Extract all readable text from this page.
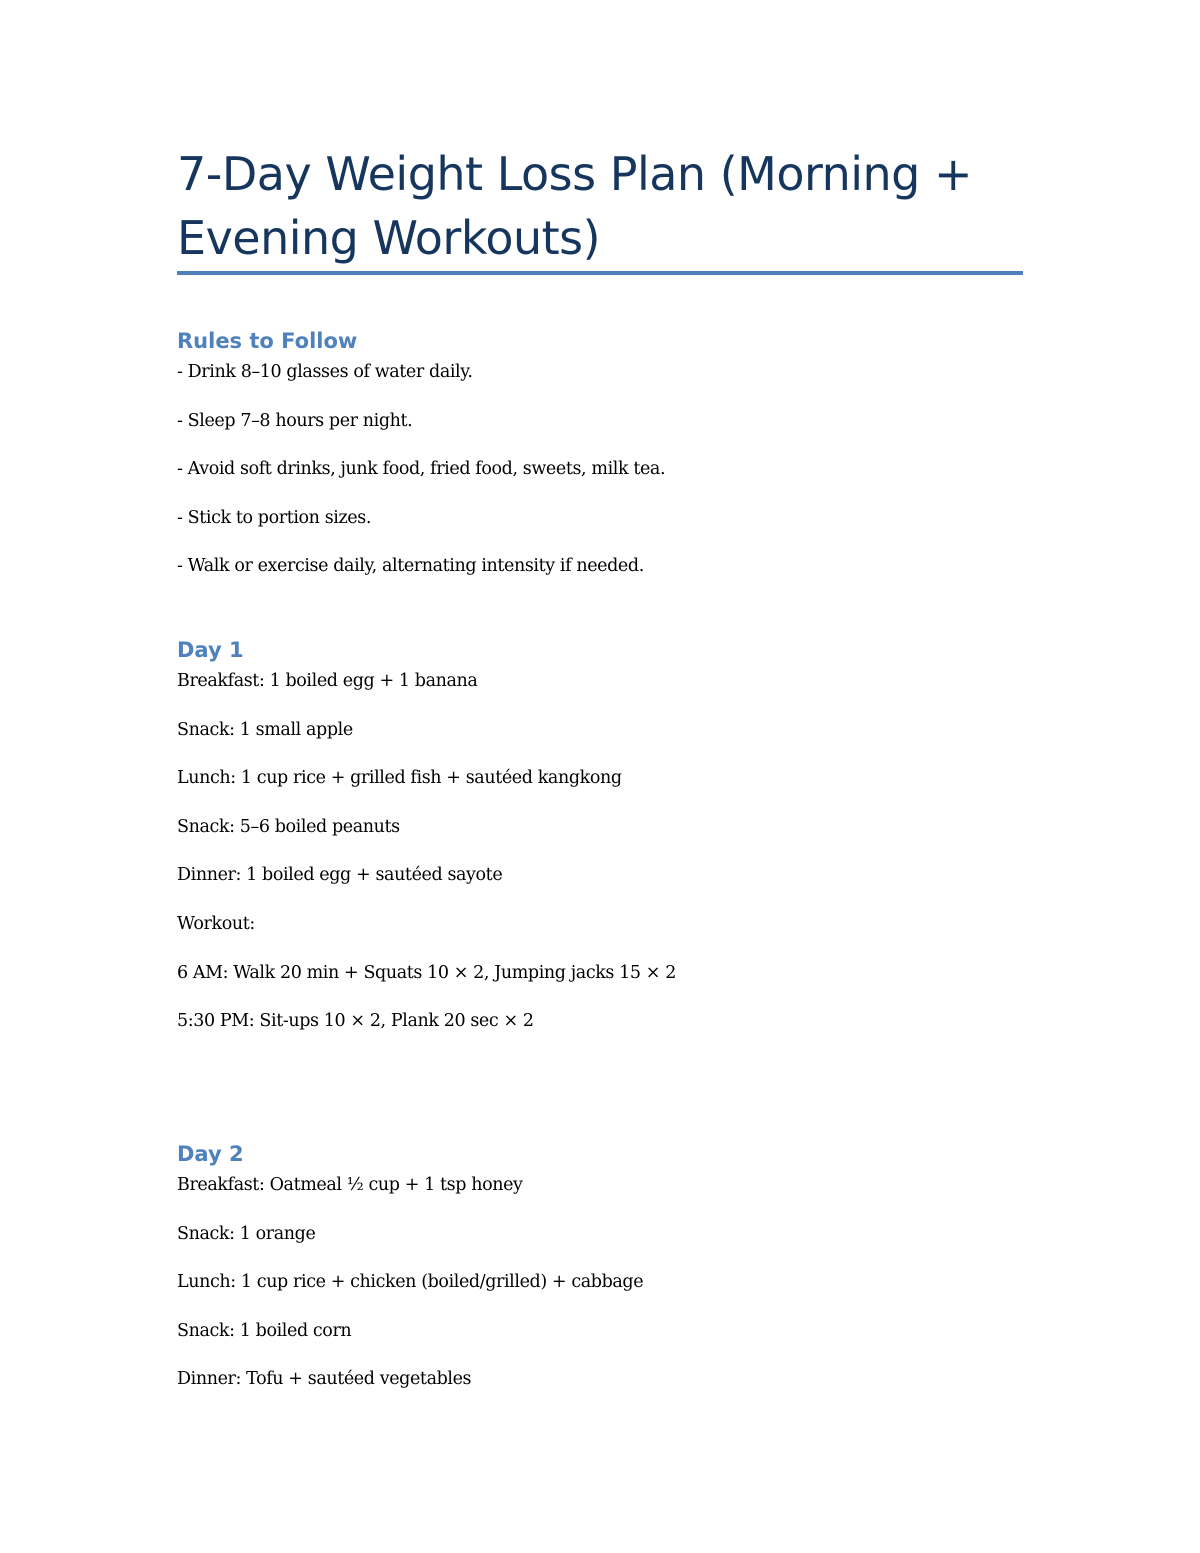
7-Day Weight Loss Plan (Morning + Evening Workouts)
Rules to Follow
- Drink 8–10 glasses of water daily.
- Sleep 7–8 hours per night.
- Avoid soft drinks, junk food, fried food, sweets, milk tea.
- Stick to portion sizes.
- Walk or exercise daily, alternating intensity if needed.
Day 1
Breakfast: 1 boiled egg + 1 banana
Snack: 1 small apple
Lunch: 1 cup rice + grilled fish + sautéed kangkong
Snack: 5–6 boiled peanuts
Dinner: 1 boiled egg + sautéed sayote
Workout:
6 AM: Walk 20 min + Squats 10 × 2, Jumping jacks 15 × 2
5:30 PM: Sit-ups 10 × 2, Plank 20 sec × 2
Day 2
Breakfast: Oatmeal ½ cup + 1 tsp honey
Snack: 1 orange
Lunch: 1 cup rice + chicken (boiled/grilled) + cabbage
Snack: 1 boiled corn
Dinner: Tofu + sautéed vegetables
